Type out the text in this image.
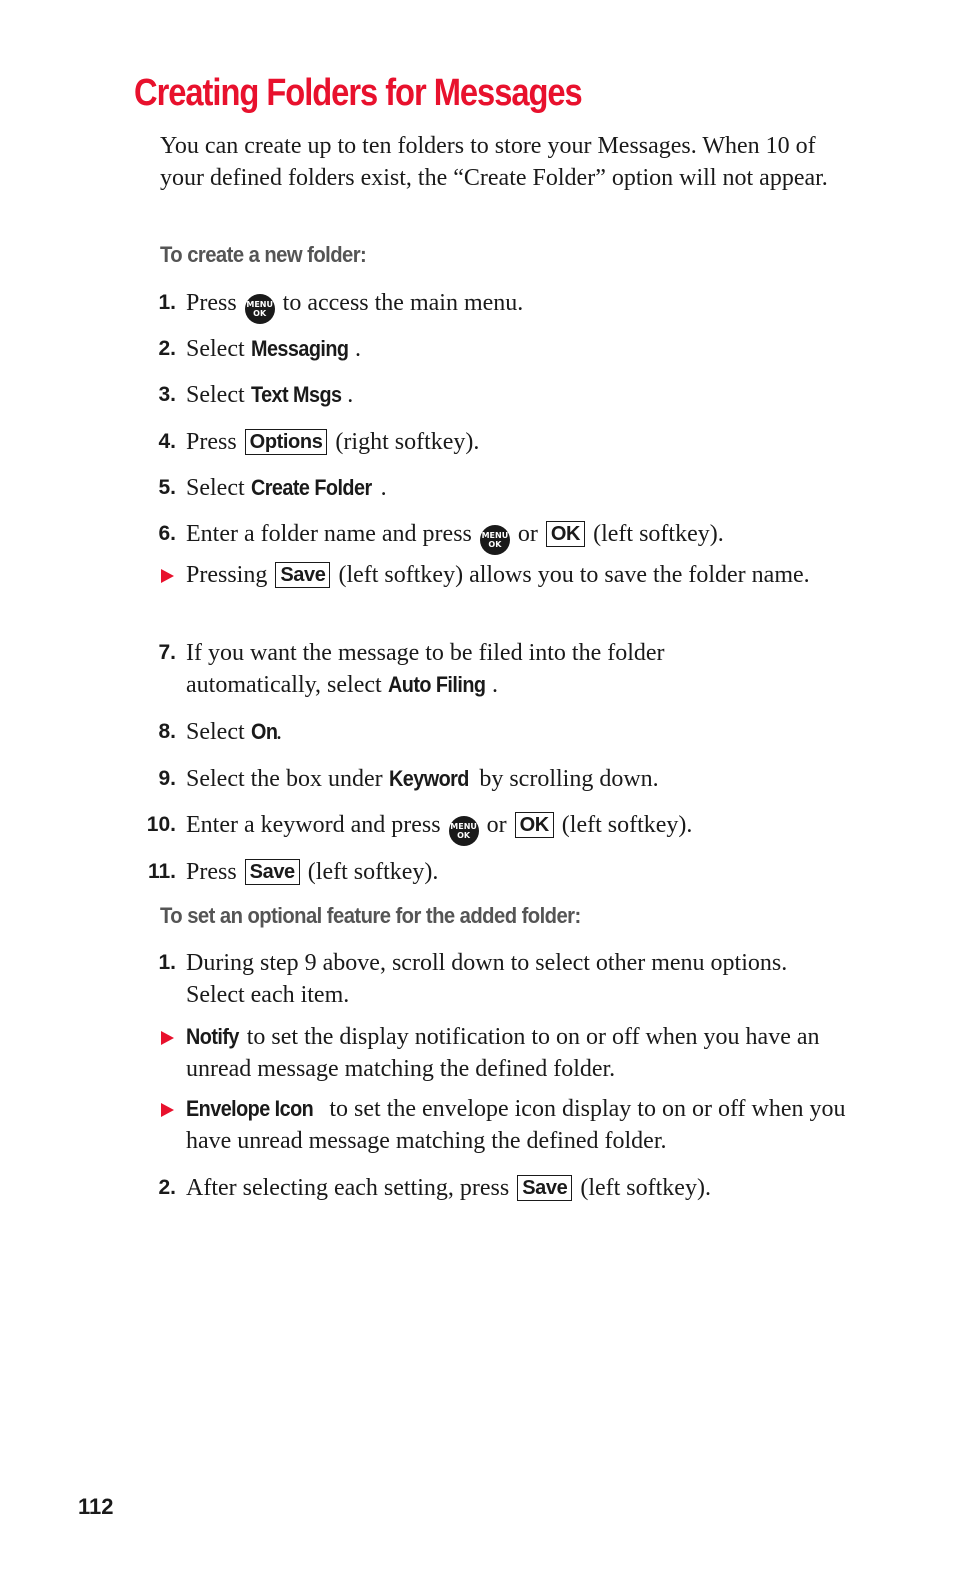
Creating Folders for Messages
You can create up to ten folders to store your Messages. When 10 of your defined folders exist, the “Create Folder” option will not appear.
To create a new folder:
1. Press MENU
OK to access the main menu.
2. Select Messaging .
3. Select Text Msgs .
4. Press Options (right softkey).
5. Select Create Folder .
6. Enter a folder name and press MENU
OK or OK (left softkey).
Pressing Save (left softkey) allows you to save the folder name.
7. If you want the message to be filed into the folder automatically, select Auto Filing .
8. Select On.
9. Select the box under Keyword by scrolling down.
10. Enter a keyword and press MENU
OK or OK (left softkey).
11. Press Save (left softkey).
To set an optional feature for the added folder:
1. During step 9 above, scroll down to select other menu options. Select each item.
Notify to set the display notification to on or off when you have an unread message matching the defined folder.
Envelope Icon to set the envelope icon display to on or off when you have unread message matching the defined folder.
2. After selecting each setting, press Save (left softkey).
112
